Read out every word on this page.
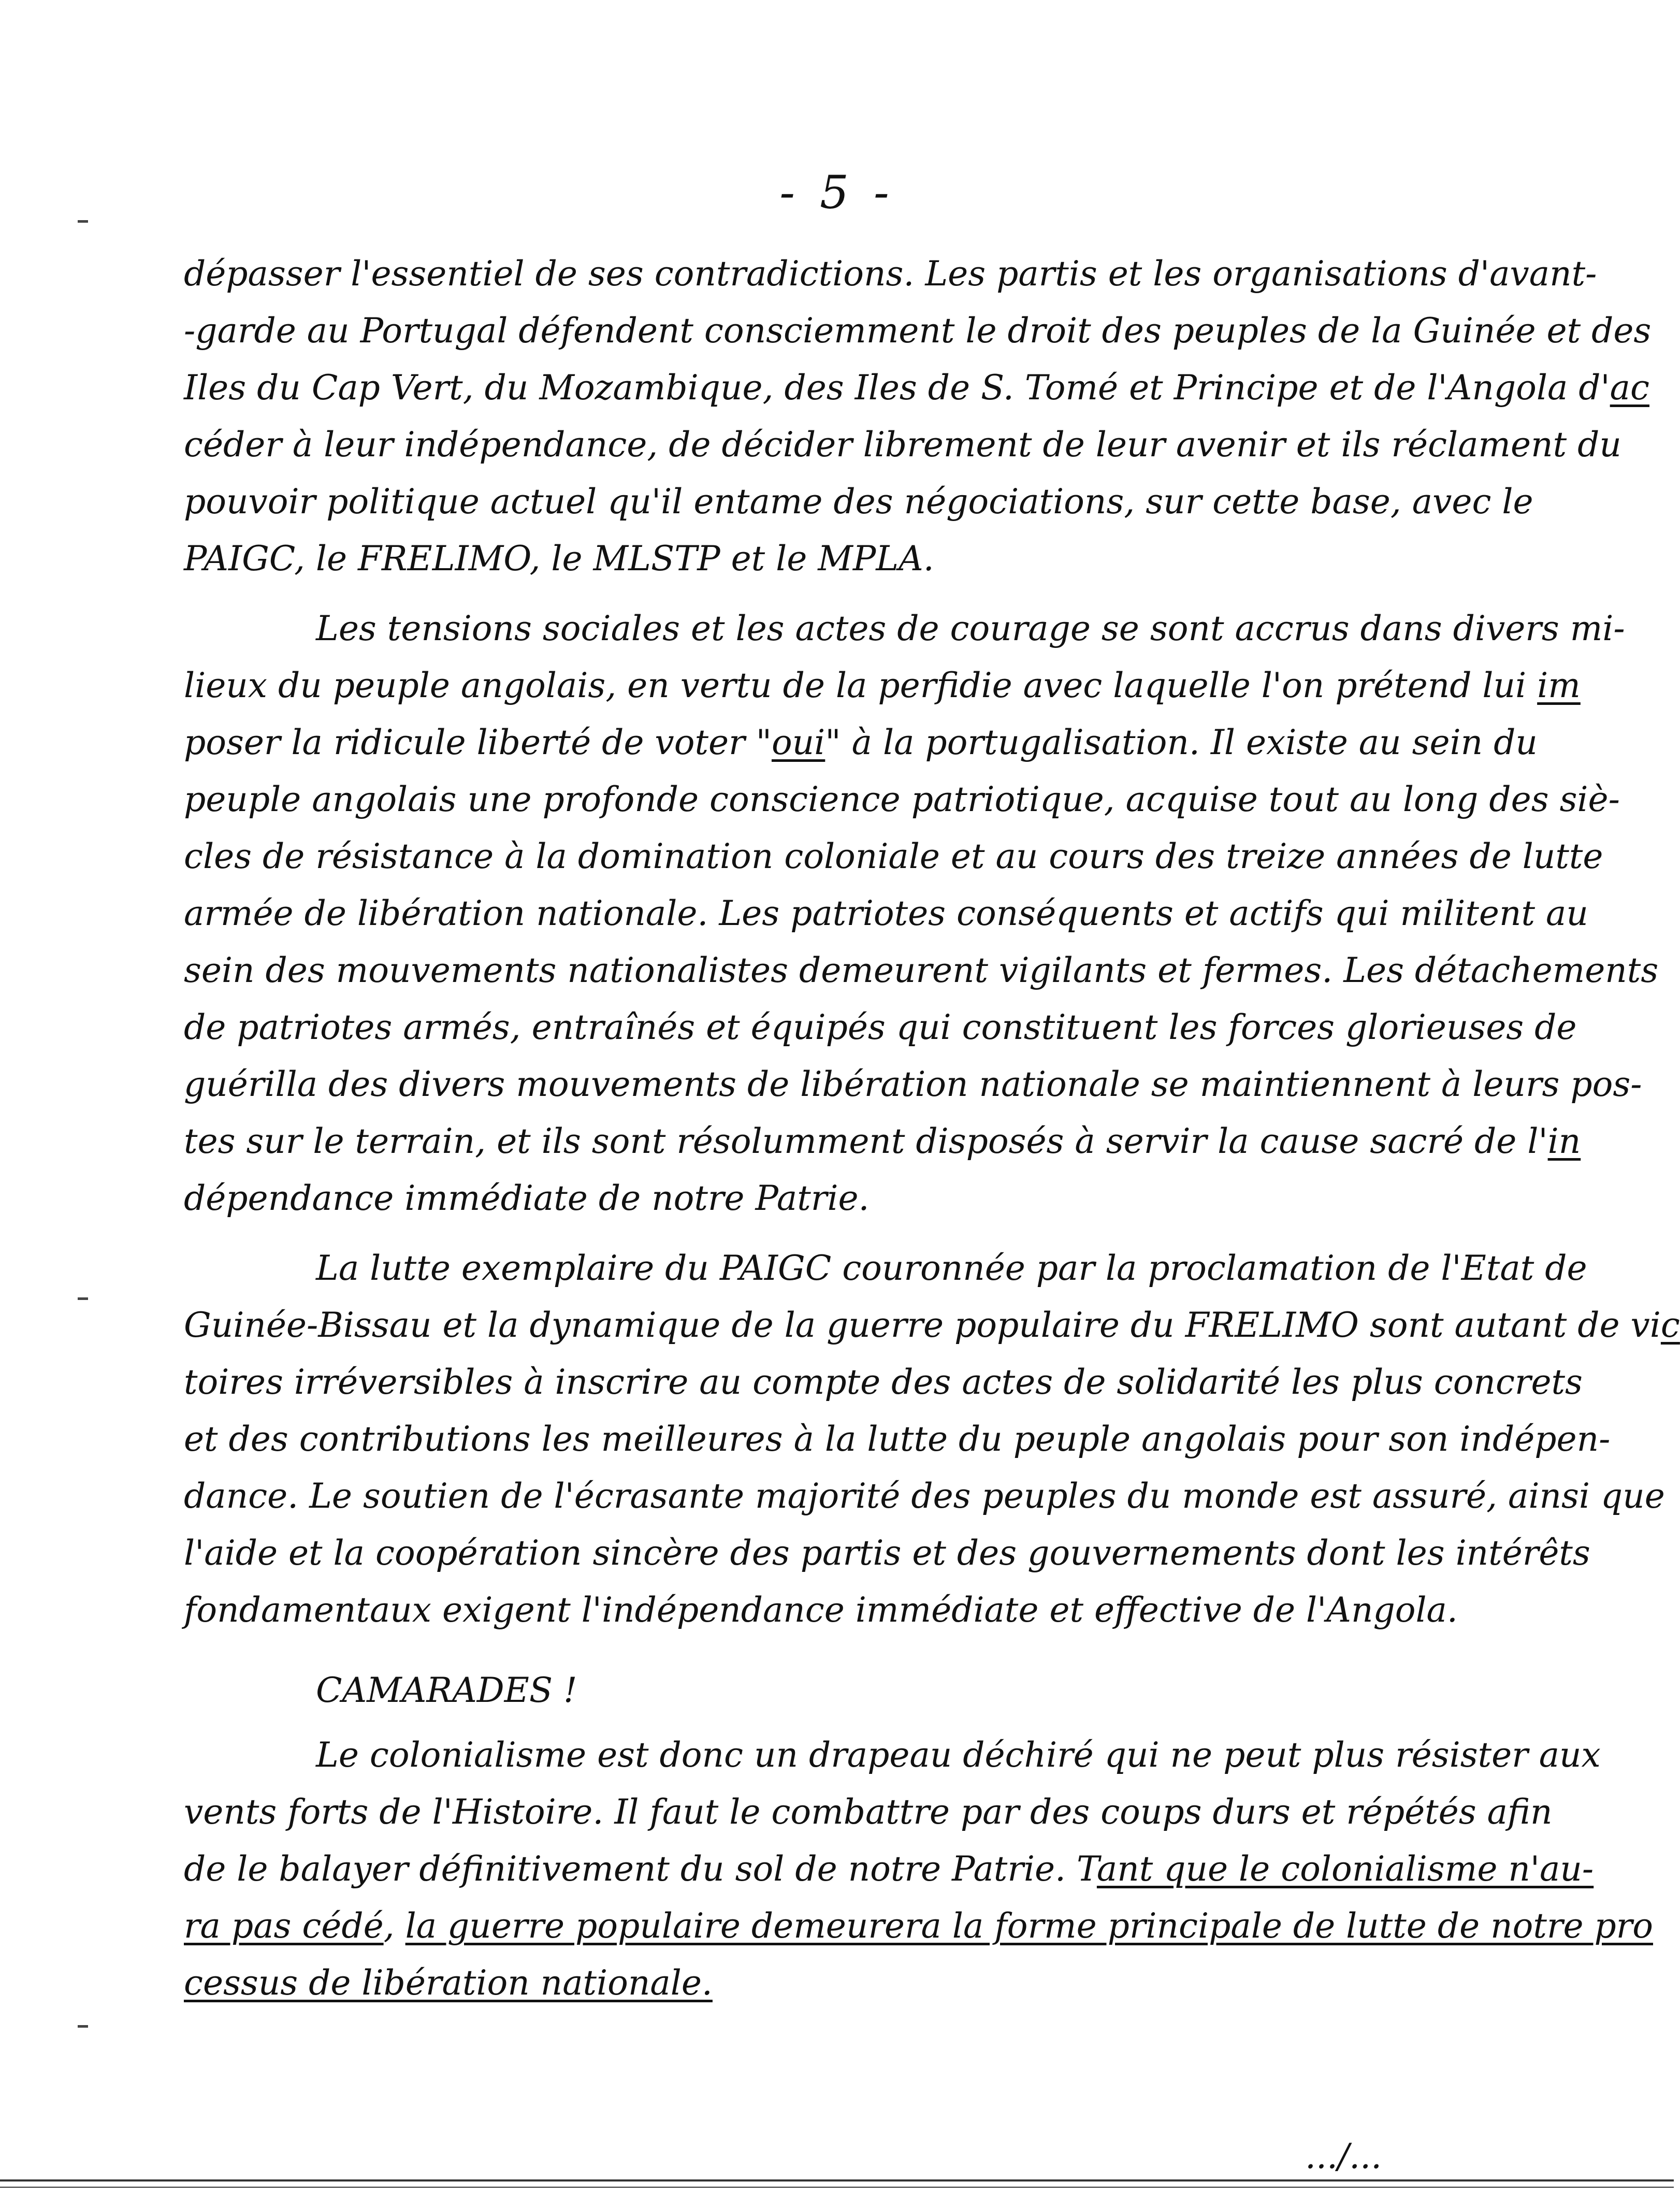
- 5 -
dépasser l'essentiel de ses contradictions. Les partis et les organisations d'avant-
-garde au Portugal défendent consciemment le droit des peuples de la Guinée et des
Iles du Cap Vert, du Mozambique, des Iles de S. Tomé et Principe et de l'Angola d'ac
céder à leur indépendance, de décider librement de leur avenir et ils réclament du
pouvoir politique actuel qu'il entame des négociations, sur cette base, avec le
PAIGC, le FRELIMO, le MLSTP et le MPLA.
Les tensions sociales et les actes de courage se sont accrus dans divers mi-
lieux du peuple angolais, en vertu de la perfidie avec laquelle l'on prétend lui im
poser la ridicule liberté de voter "oui" à la portugalisation. Il existe au sein du
peuple angolais une profonde conscience patriotique, acquise tout au long des siè-
cles de résistance à la domination coloniale et au cours des treize années de lutte
armée de libération nationale. Les patriotes conséquents et actifs qui militent au
sein des mouvements nationalistes demeurent vigilants et fermes. Les détachements
de patriotes armés, entraînés et équipés qui constituent les forces glorieuses de
guérilla des divers mouvements de libération nationale se maintiennent à leurs pos-
tes sur le terrain, et ils sont résolumment disposés à servir la cause sacré de l'in
dépendance immédiate de notre Patrie.
La lutte exemplaire du PAIGC couronnée par la proclamation de l'Etat de
Guinée-Bissau et la dynamique de la guerre populaire du FRELIMO sont autant de vic
toires irréversibles à inscrire au compte des actes de solidarité les plus concrets
et des contributions les meilleures à la lutte du peuple angolais pour son indépen-
dance. Le soutien de l'écrasante majorité des peuples du monde est assuré, ainsi que
l'aide et la coopération sincère des partis et des gouvernements dont les intérêts
fondamentaux exigent l'indépendance immédiate et effective de l'Angola.
CAMARADES !
Le colonialisme est donc un drapeau déchiré qui ne peut plus résister aux
vents forts de l'Histoire. Il faut le combattre par des coups durs et répétés afin
de le balayer définitivement du sol de notre Patrie. Tant que le colonialisme n'au-
ra pas cédé, la guerre populaire demeurera la forme principale de lutte de notre pro
cessus de libération nationale.
.../...
